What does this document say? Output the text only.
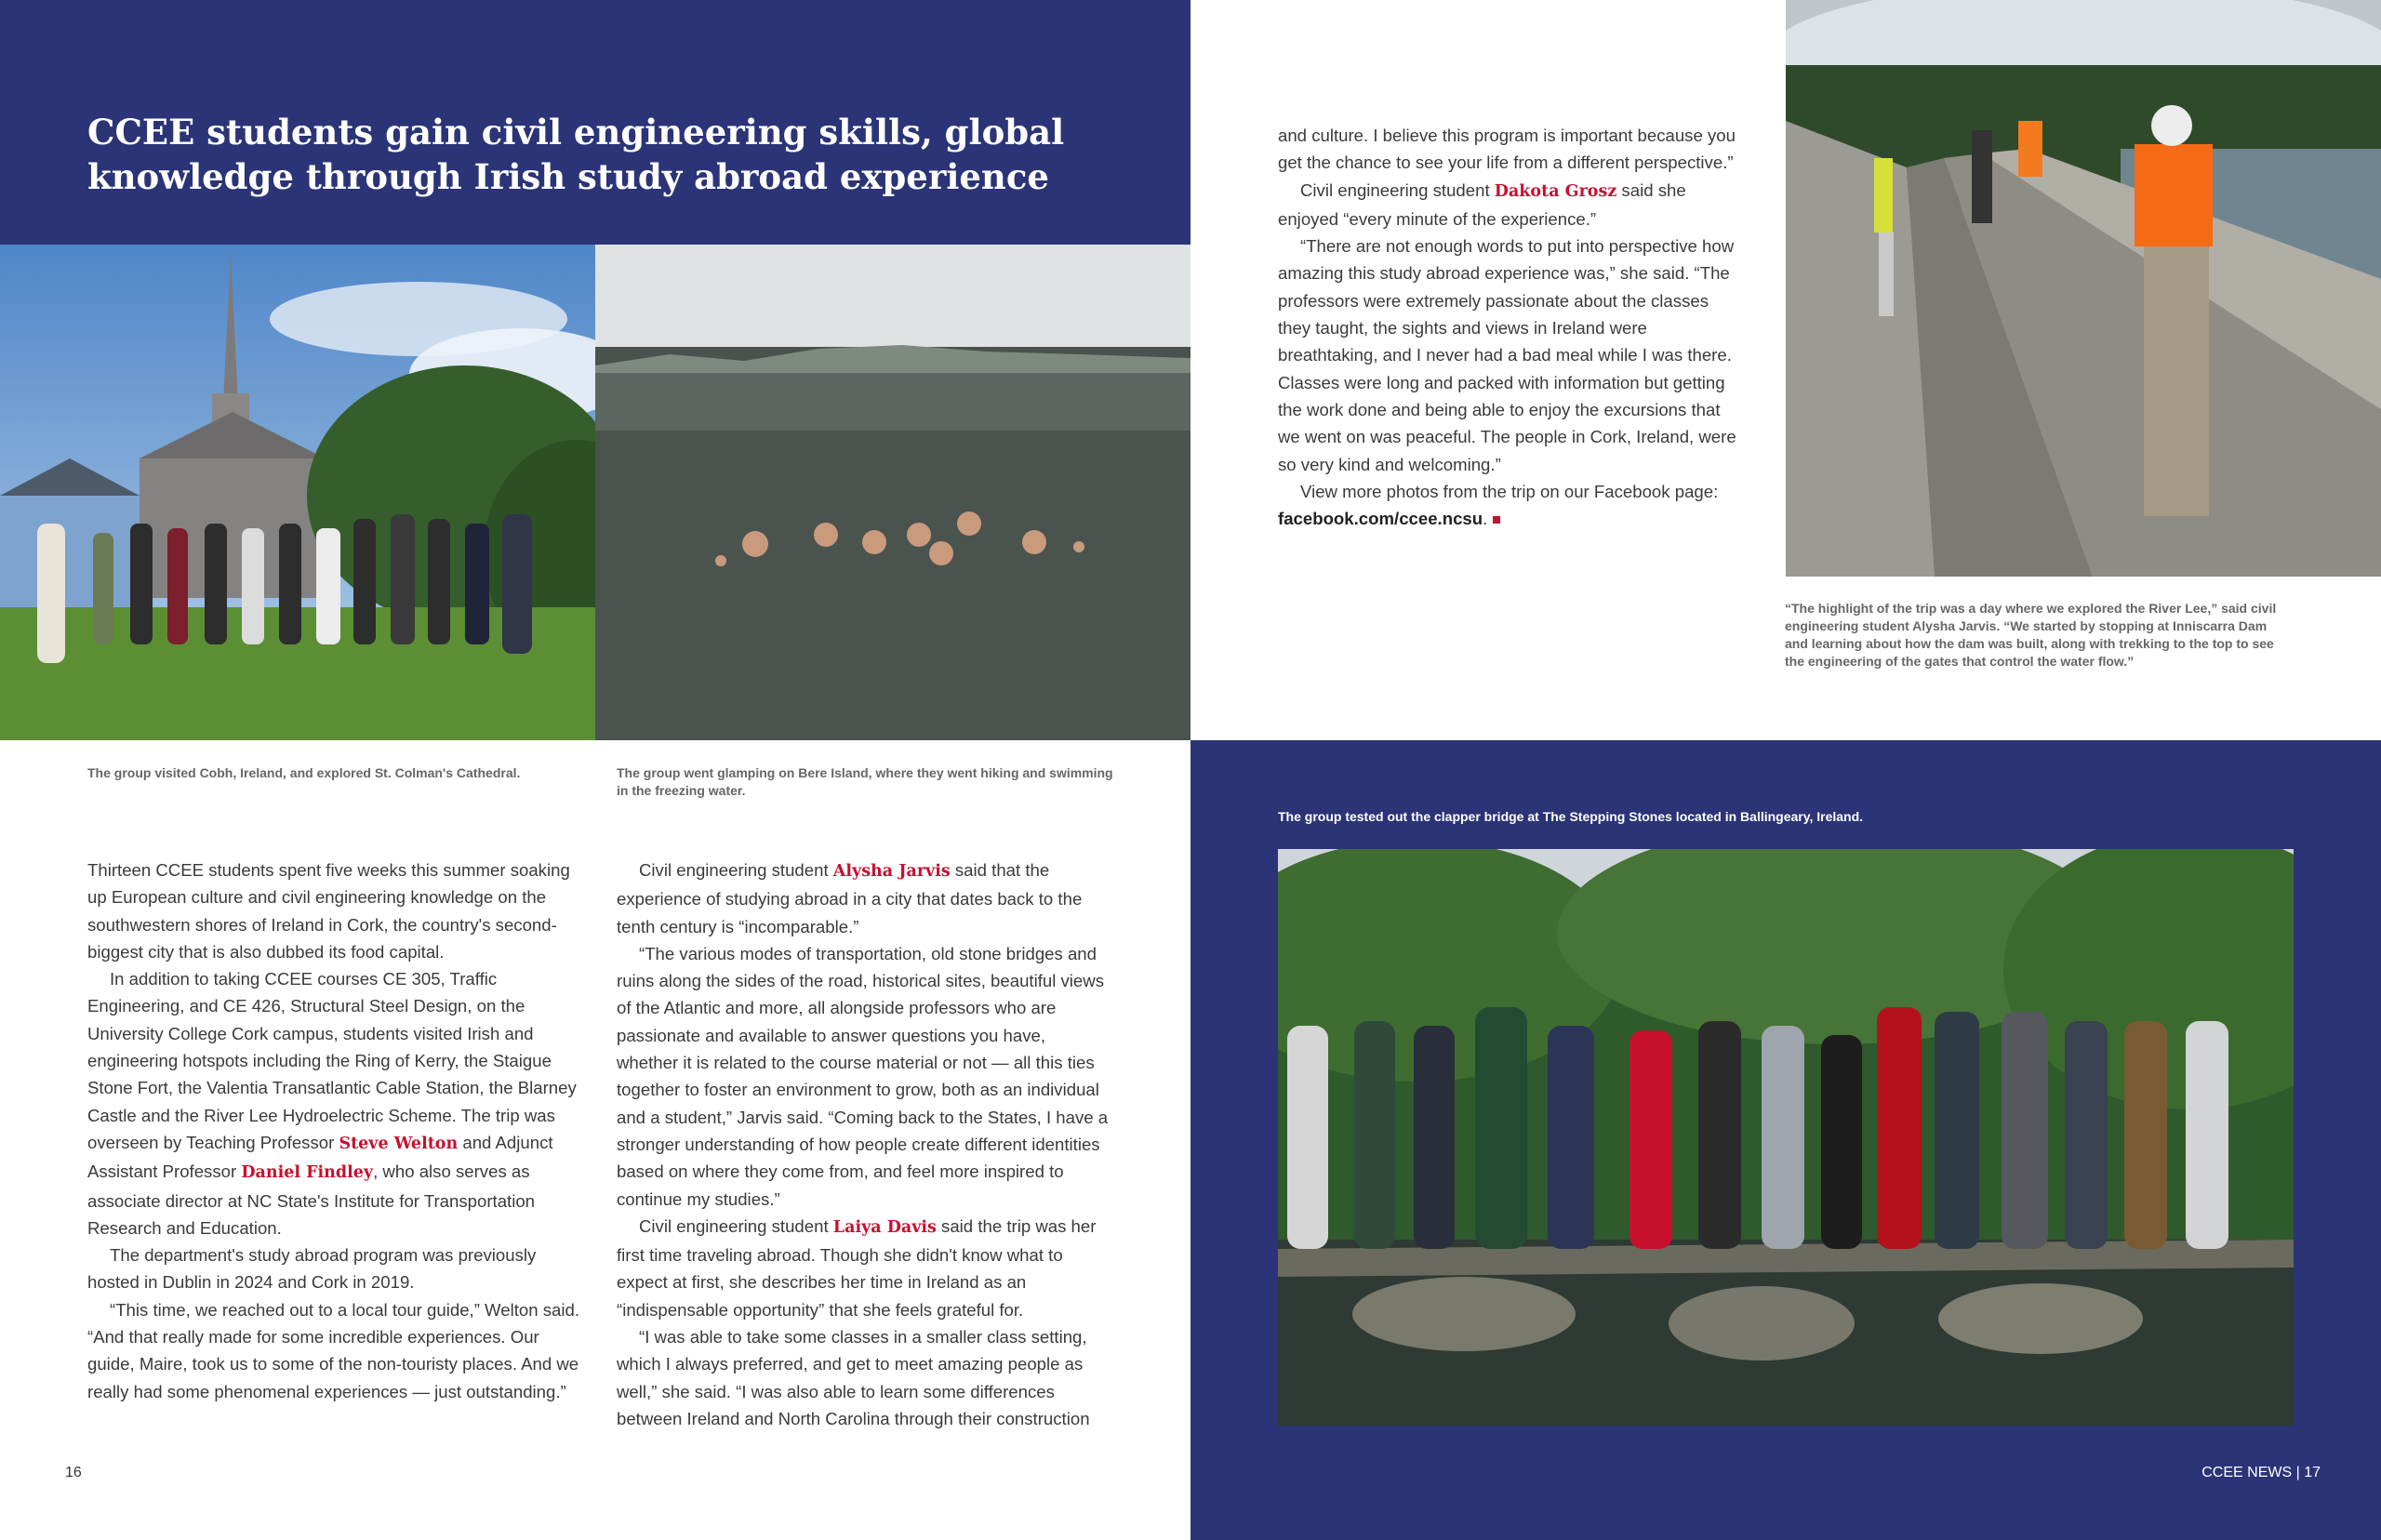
CCEE students gain civil engineering skills, global knowledge through Irish study abroad experience
The group visited Cobh, Ireland, and explored St. Colman's Cathedral.	The group went glamping on Bere Island, where they went hiking and swimming in the freezing water.
“The highlight of the trip was a day where we explored the River Lee,” said civil engineering student Alysha Jarvis. “We started by stopping at Inniscarra Dam and learning about how the dam was built, along with trekking to the top to see the engineering of the gates that control the water flow.”
The group tested out the clapper bridge at The Stepping Stones located in Ballingeary, Ireland.

Thirteen CCEE students spent five weeks this summer soaking up European culture and civil engineering knowledge on the southwestern shores of Ireland in Cork, the country's second-biggest city that is also dubbed its food capital.

In addition to taking CCEE courses CE 305, Traffic Engineering, and CE 426, Structural Steel Design, on the University College Cork campus, students visited Irish and engineering hotspots including the Ring of Kerry, the Staigue Stone Fort, the Valentia Transatlantic Cable Station, the Blarney Castle and the River Lee Hydroelectric Scheme. The trip was overseen by Teaching Professor Steve Welton and Adjunct Assistant Professor Daniel Findley, who also serves as associate director at NC State's Institute for Transportation Research and Education.

The department's study abroad program was previously hosted in Dublin in 2024 and Cork in 2019.

“This time, we reached out to a local tour guide,” Welton said. “And that really made for some incredible experiences. Our guide, Maire, took us to some of the non-touristy places. And we really had some phenomenal experiences — just outstanding.”

Civil engineering student Alysha Jarvis said that the experience of studying abroad in a city that dates back to the tenth century is “incomparable.”

“The various modes of transportation, old stone bridges and ruins along the sides of the road, historical sites, beautiful views of the Atlantic and more, all alongside professors who are passionate and available to answer questions you have, whether it is related to the course material or not — all this ties together to foster an environment to grow, both as an individual and a student,” Jarvis said. “Coming back to the States, I have a stronger understanding of how people create different identities based on where they come from, and feel more inspired to continue my studies.”

Civil engineering student Laiya Davis said the trip was her first time traveling abroad. Though she didn't know what to expect at first, she describes her time in Ireland as an “indispensable opportunity” that she feels grateful for.

“I was able to take some classes in a smaller class setting, which I always preferred, and get to meet amazing people as well,” she said. “I was also able to learn some differences between Ireland and North Carolina through their construction

and culture. I believe this program is important because you get the chance to see your life from a different perspective.”

Civil engineering student Dakota Grosz said she enjoyed “every minute of the experience.”

“There are not enough words to put into perspective how amazing this study abroad experience was,” she said. “The professors were extremely passionate about the classes they taught, the sights and views in Ireland were breathtaking, and I never had a bad meal while I was there. Classes were long and packed with information but getting the work done and being able to enjoy the excursions that we went on was peaceful. The people in Cork, Ireland, were so very kind and welcoming.”

View more photos from the trip on our Facebook page: facebook.com/ccee.ncsu.

16	CCEE NEWS | 17
